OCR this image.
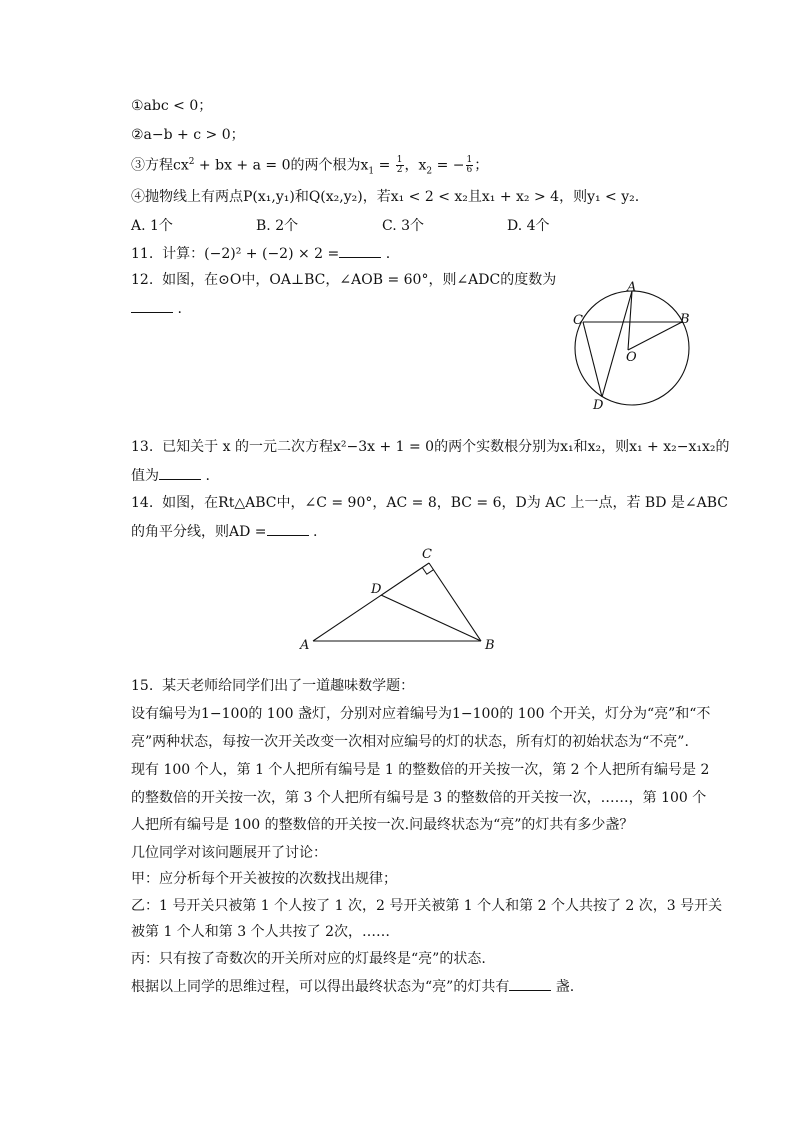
①abc < 0；
②a−b + c > 0；
③方程$cx^2$ + bx + a = 0的两个根为$x_1 = \frac{1}{2}$ ，$x_2$ = − $\frac{1}{6}$ ；
④抛物线上有两点P(x₁,y₁)和Q(x₂,y₂)，若x₁ < 2 < x₂且x₁ + x₂ > 4，则y₁ < y₂.
A. 1个	B. 2个	C. 3个	D. 4个
11. 计算：(−2)² + (−2) × 2 =	.
12. 如图，在⊙O中，OA⊥BC，∠AOB = 60°，则∠ADC的度数为
.
A
B
C
O
D
13. 已知关于 x 的一元二次方程x²−3x + 1 = 0的两个实数根分别为x₁和x₂，则x₁ + x₂−x₁x₂的
值为	.
14. 如图，在Rt△ABC中，∠C = 90°，AC = 8，BC = 6，D为 AC 上一点，若 BD 是∠ABC
的角平分线，则AD =	.
C
D
A	B
15. 某天老师给同学们出了一道趣味数学题：
设有编号为1−100的 100 盏灯，分别对应着编号为1−100的 100 个开关，灯分为“亮”和“不
亮”两种状态，每按一次开关改变一次相对应编号的灯的状态，所有灯的初始状态为“不亮”.
现有 100 个人，第 1 个人把所有编号是 1 的整数倍的开关按一次，第 2 个人把所有编号是 2
的整数倍的开关按一次，第 3 个人把所有编号是 3 的整数倍的开关按一次，……，第 100 个
人把所有编号是 100 的整数倍的开关按一次.问最终状态为“亮”的灯共有多少盏？
几位同学对该问题展开了讨论：
甲：应分析每个开关被按的次数找出规律；
乙：1 号开关只被第 1 个人按了 1 次，2 号开关被第 1 个人和第 2 个人共按了 2 次，3 号开关
被第 1 个人和第 3 个人共按了 2次，……
丙：只有按了奇数次的开关所对应的灯最终是“亮”的状态.
根据以上同学的思维过程，可以得出最终状态为“亮”的灯共有	盏.
